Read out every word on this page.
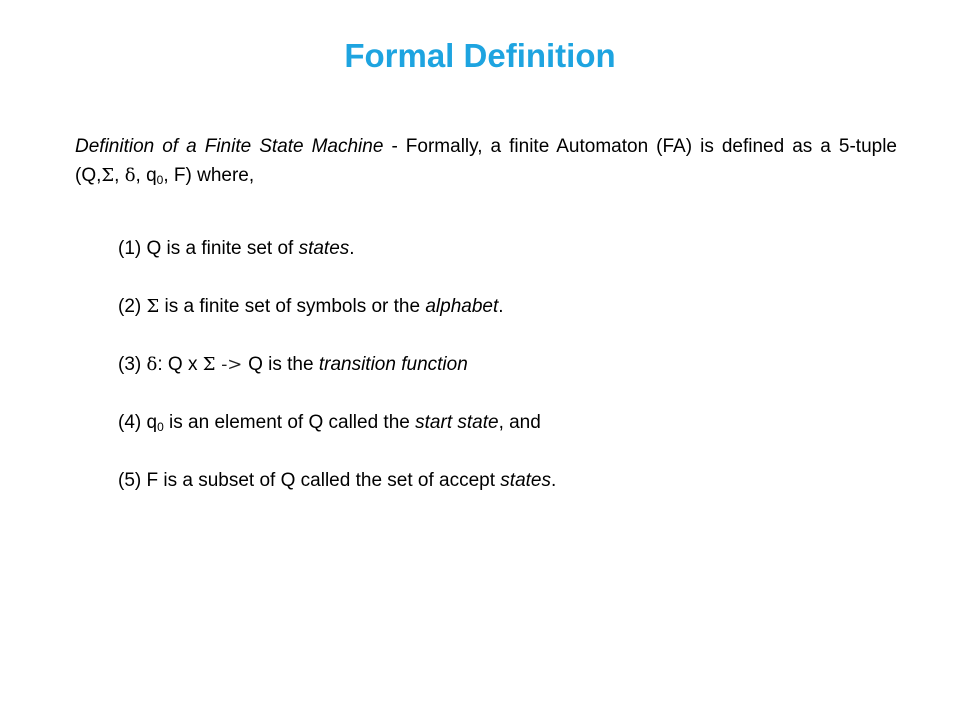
Formal Definition
Definition of a Finite State Machine - Formally, a finite Automaton (FA) is defined as a 5-tuple (Q,Σ, δ, $q_0$, F) where,
(1) Q is a finite set of states.
(2) Σ is a finite set of symbols or the alphabet.
(3) δ: Q x Σ -> Q is the transition function
(4) $q_0$ is an element of Q called the start state, and
(5) F is a subset of Q called the set of accept states.
